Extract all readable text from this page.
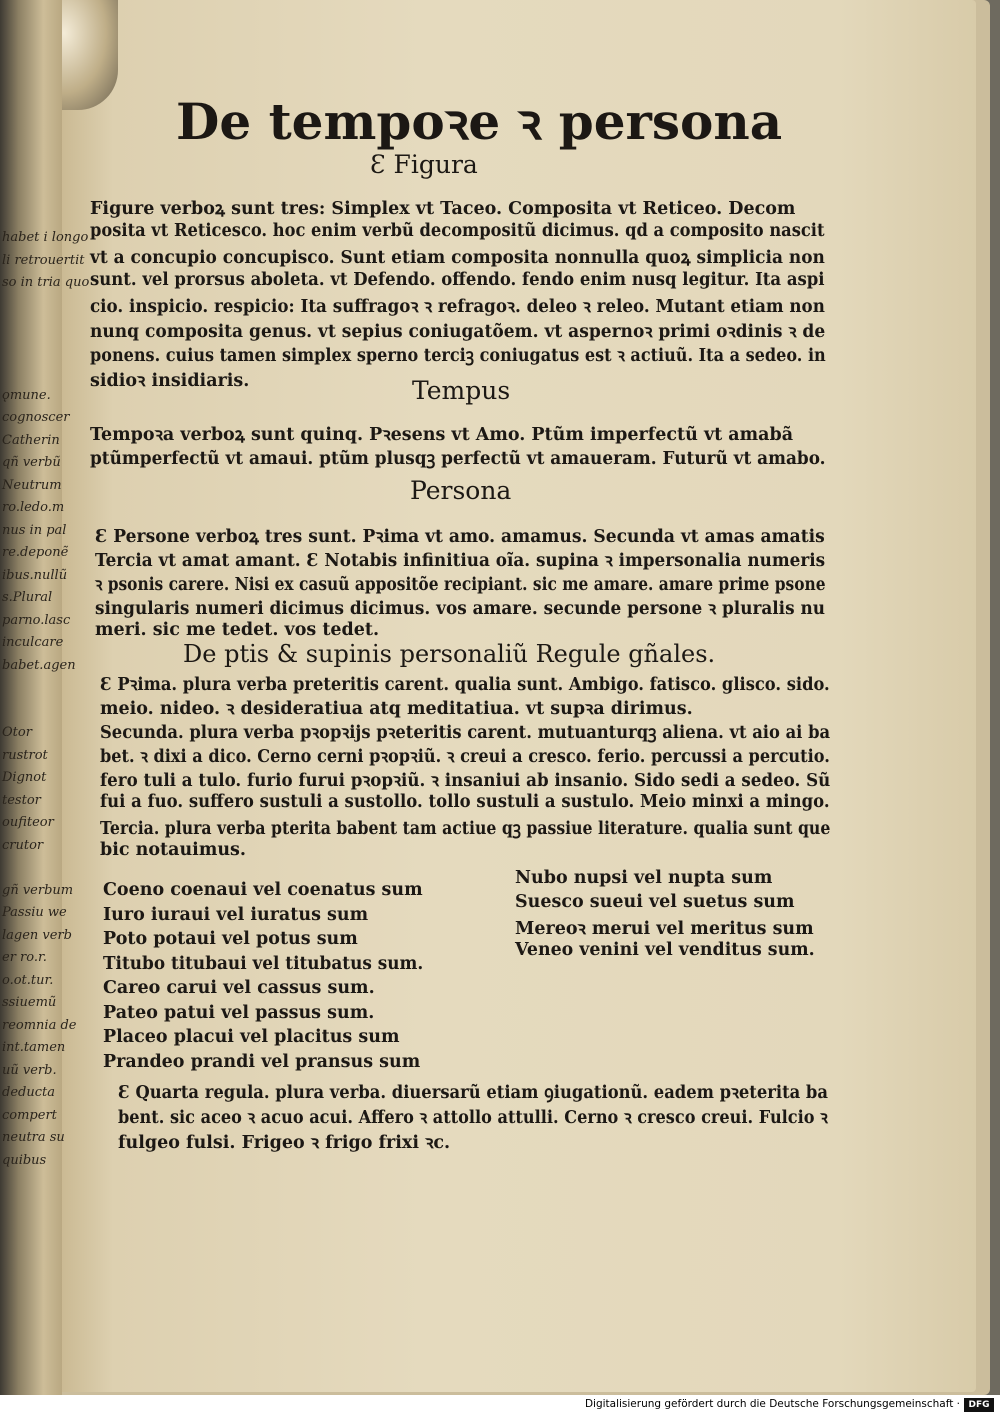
habet i longo
li retrouertit
so in tria quo
ǫmune.
cognoscer
Catherin
qñ verbũ
Neutrum
ro.ledo.m
nus in pal
re.deponẽ
ibus.nullũ
s.Plural
parno.lasc
inculcare
babet.agen
Otor
rustrot
Dignot
testor
oufiteor
crutor
gñ verbum
Passiu we
lagen verb
er ro.r.
o.ot.tur.
ssiuemũ
reomnia de
int.tamen
uũ verb.
deducta
compert
neutra su
quibus
De tempoꝛe ꝛ persona
Ɛ Figura
Tempus
Persona
De ptis & supinis personaliũ Regule gñales.
Digitalisierung gefördert durch die Deutsche Forschungsgemeinschaft · DFG
Figure verboꝝ sunt tres: Simplex vt Taceo. Composita vt Reticeo. Decom
posita vt Reticesco. hoc enim verbũ decompositũ dicimus. qd a composito nascit
vt a concupio concupisco. Sunt etiam composita nonnulla quoꝝ simplicia non
sunt. vel prorsus aboleta. vt Defendo. offendo. fendo enim nusq legitur. Ita aspi
cio. inspicio. respicio: Ita suffragoꝛ ꝛ refragoꝛ. deleo ꝛ releo. Mutant etiam non
nunq composita genus. vt sepius coniugatõem. vt aspernoꝛ primi oꝛdinis ꝛ de
ponens. cuius tamen simplex sperno terciꝫ coniugatus est ꝛ actiuũ. Ita a sedeo. in
sidioꝛ insidiaris.
Tempoꝛa verboꝝ sunt quinq. Pꝛesens vt Amo. Ptũm imperfectũ vt amabã
ptũmperfectũ vt amaui. ptũm plusqꝫ perfectũ vt amaueram. Futurũ vt amabo.
Ɛ Persone verboꝝ tres sunt. Pꝛima vt amo. amamus. Secunda vt amas amatis
Tercia vt amat amant. Ɛ Notabis infinitiua oĩa. supina ꝛ impersonalia numeris
ꝛ psonis carere. Nisi ex casuũ appositõe recipiant. sic me amare. amare prime psone
singularis numeri dicimus dicimus. vos amare. secunde persone ꝛ pluralis nu
meri. sic me tedet. vos tedet.
Ɛ Pꝛima. plura verba preteritis carent. qualia sunt. Ambigo. fatisco. glisco. sido.
meio. nideo. ꝛ desideratiua atq meditatiua. vt supꝛa dirimus.
Secunda. plura verba pꝛopꝛijs pꝛeteritis carent. mutuanturqꝫ aliena. vt aio ai ba
bet. ꝛ dixi a dico. Cerno cerni pꝛopꝛiũ. ꝛ creui a cresco. ferio. percussi a percutio.
fero tuli a tulo. furio furui pꝛopꝛiũ. ꝛ insaniui ab insanio. Sido sedi a sedeo. Sũ
fui a fuo. suffero sustuli a sustollo. tollo sustuli a sustulo. Meio minxi a mingo.
Tercia. plura verba pterita babent tam actiue qꝫ passiue literature. qualia sunt que
bic notauimus.
Coeno coenaui vel coenatus sum
Iuro iuraui vel iuratus sum
Poto potaui vel potus sum
Titubo titubaui vel titubatus sum.
Careo carui vel cassus sum.
Pateo patui vel passus sum.
Placeo placui vel placitus sum
Prandeo prandi vel pransus sum
Nubo nupsi vel nupta sum
Suesco sueui vel suetus sum
Mereoꝛ merui vel meritus sum
Veneo venini vel venditus sum.
Ɛ Quarta regula. plura verba. diuersarũ etiam ꝯiugationũ. eadem pꝛeterita ba
bent. sic aceo ꝛ acuo acui. Affero ꝛ attollo attulli. Cerno ꝛ cresco creui. Fulcio ꝛ
fulgeo fulsi. Frigeo ꝛ frigo frixi ꝛc.
